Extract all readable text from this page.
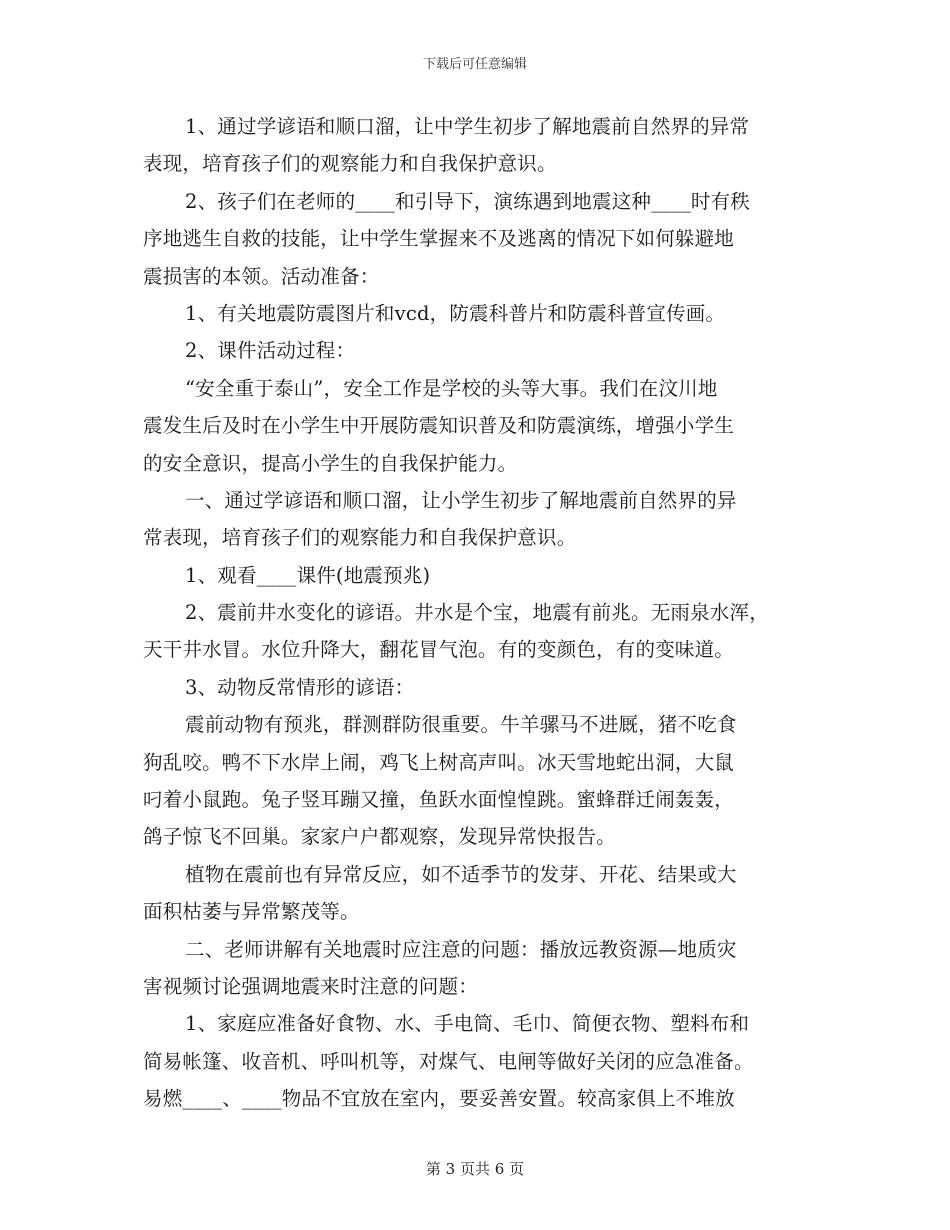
下载后可任意编辑
1、通过学谚语和顺口溜，让中学生初步了解地震前自然界的异常
表现，培育孩子们的观察能力和自我保护意识。
2、孩子们在老师的____和引导下，演练遇到地震这种____时有秩
序地逃生自救的技能，让中学生掌握来不及逃离的情况下如何躲避地
震损害的本领。活动准备：
1、有关地震防震图片和vcd，防震科普片和防震科普宣传画。
2、课件活动过程：
“安全重于泰山”，安全工作是学校的头等大事。我们在汶川地
震发生后及时在小学生中开展防震知识普及和防震演练，增强小学生
的安全意识，提高小学生的自我保护能力。
一、通过学谚语和顺口溜，让小学生初步了解地震前自然界的异
常表现，培育孩子们的观察能力和自我保护意识。
1、观看____课件(地震预兆)
2、震前井水变化的谚语。井水是个宝，地震有前兆。无雨泉水浑，
天干井水冒。水位升降大，翻花冒气泡。有的变颜色，有的变味道。
3、动物反常情形的谚语：
震前动物有预兆，群测群防很重要。牛羊骡马不进厩，猪不吃食
狗乱咬。鸭不下水岸上闹，鸡飞上树高声叫。冰天雪地蛇出洞，大鼠
叼着小鼠跑。兔子竖耳蹦又撞，鱼跃水面惶惶跳。蜜蜂群迁闹轰轰，
鸽子惊飞不回巢。家家户户都观察，发现异常快报告。
植物在震前也有异常反应，如不适季节的发芽、开花、结果或大
面积枯萎与异常繁茂等。
二、老师讲解有关地震时应注意的问题：播放远教资源—地质灾
害视频讨论强调地震来时注意的问题：
1、家庭应准备好食物、水、手电筒、毛巾、简便衣物、塑料布和
简易帐篷、收音机、呼叫机等，对煤气、电闸等做好关闭的应急准备。
易燃____、____物品不宜放在室内，要妥善安置。较高家俱上不堆放
第 3 页共 6 页
